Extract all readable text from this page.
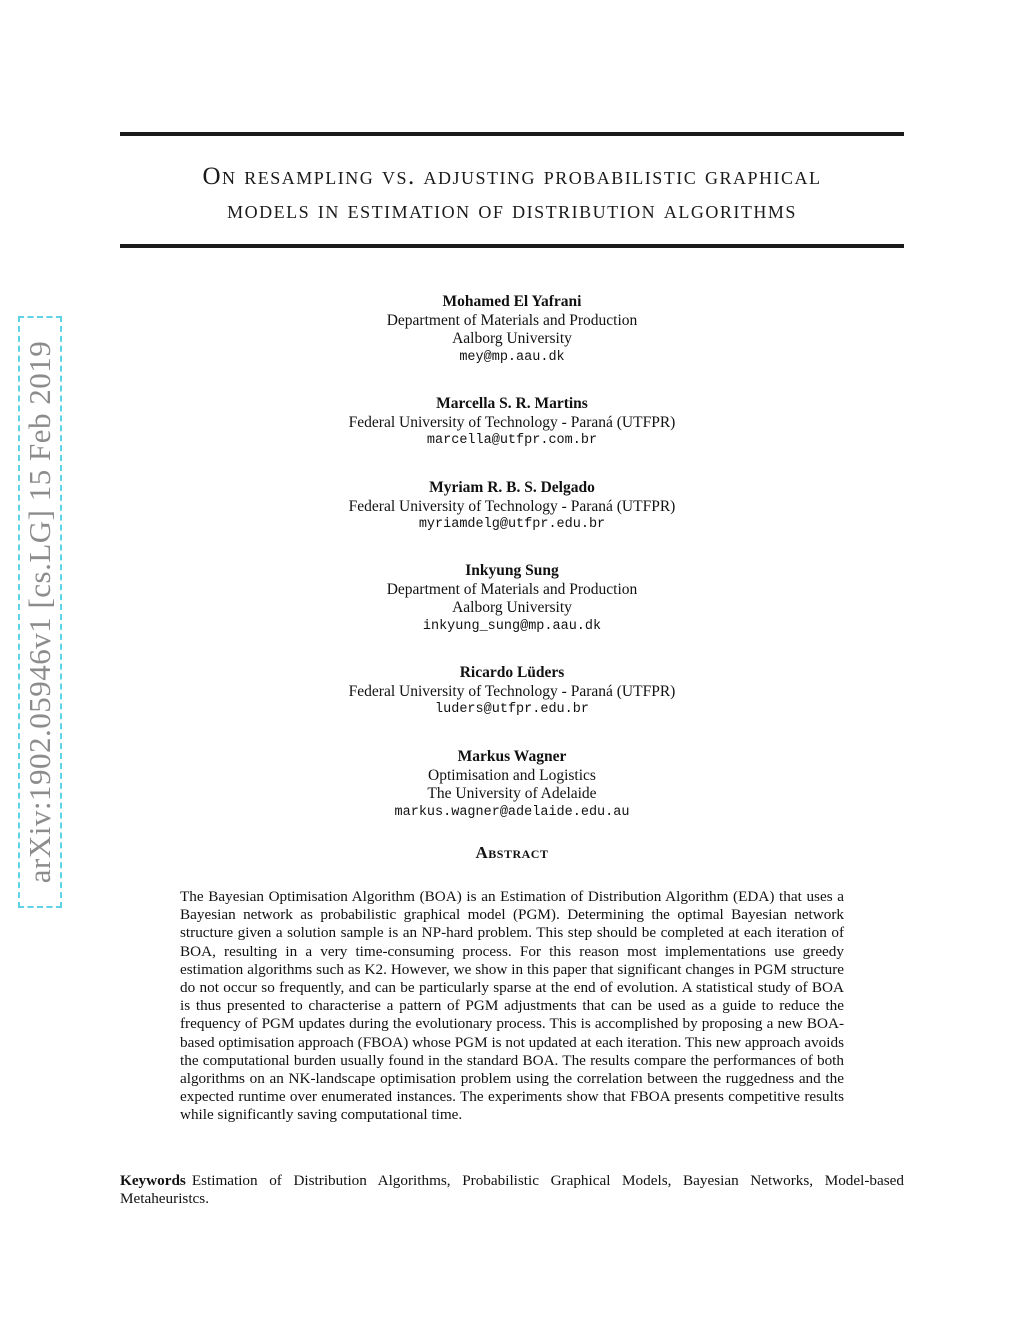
arXiv:1902.05946v1 [cs.LG] 15 Feb 2019
On resampling vs. adjusting probabilistic graphical
models in estimation of distribution algorithms
Mohamed El Yafrani
Department of Materials and Production
Aalborg University
mey@mp.aau.dk
Marcella S. R. Martins
Federal University of Technology - Paraná (UTFPR)
marcella@utfpr.com.br
Myriam R. B. S. Delgado
Federal University of Technology - Paraná (UTFPR)
myriamdelg@utfpr.edu.br
Inkyung Sung
Department of Materials and Production
Aalborg University
inkyung_sung@mp.aau.dk
Ricardo Lüders
Federal University of Technology - Paraná (UTFPR)
luders@utfpr.edu.br
Markus Wagner
Optimisation and Logistics
The University of Adelaide
markus.wagner@adelaide.edu.au
Abstract
The Bayesian Optimisation Algorithm (BOA) is an Estimation of Distribution Algorithm (EDA) that uses a Bayesian network as probabilistic graphical model (PGM). Determining the optimal Bayesian network structure given a solution sample is an NP-hard problem. This step should be completed at each iteration of BOA, resulting in a very time-consuming process. For this reason most implementations use greedy estimation algorithms such as K2. However, we show in this paper that significant changes in PGM structure do not occur so frequently, and can be particularly sparse at the end of evolution. A statistical study of BOA is thus presented to characterise a pattern of PGM adjustments that can be used as a guide to reduce the frequency of PGM updates during the evolutionary process. This is accomplished by proposing a new BOA-based optimisation approach (FBOA) whose PGM is not updated at each iteration. This new approach avoids the computational burden usually found in the standard BOA. The results compare the performances of both algorithms on an NK-landscape optimisation problem using the correlation between the ruggedness and the expected runtime over enumerated instances. The experiments show that FBOA presents competitive results while significantly saving computational time.
Keywords Estimation of Distribution Algorithms, Probabilistic Graphical Models, Bayesian Networks, Model-based Metaheuristcs.
